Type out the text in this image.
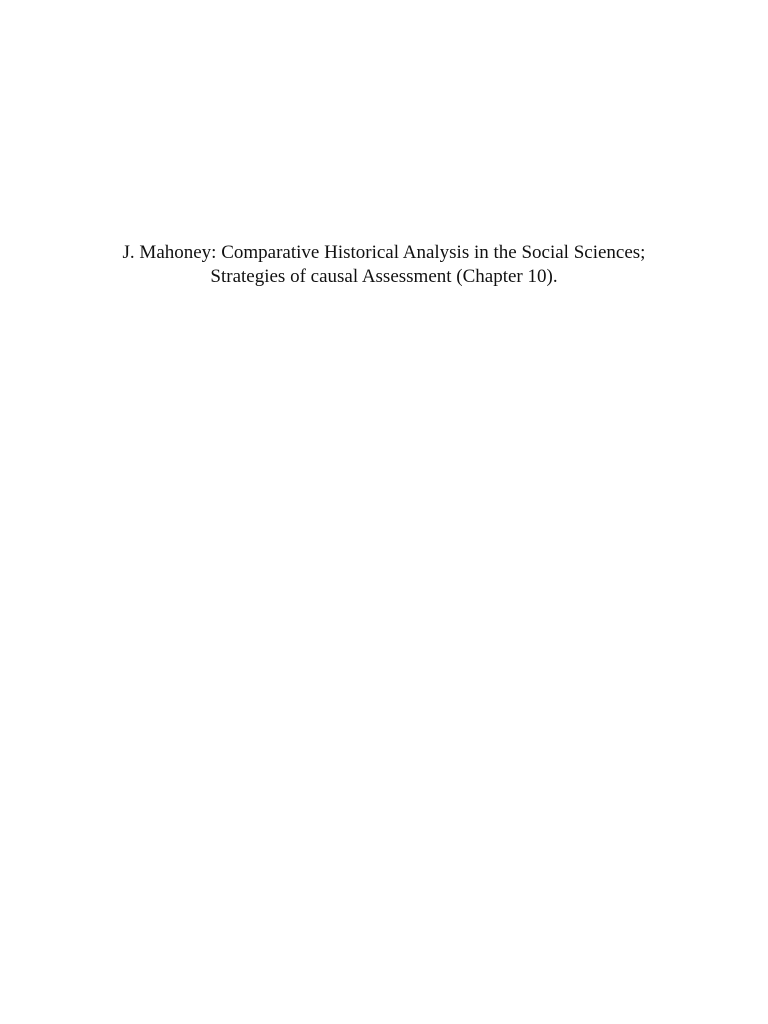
J. Mahoney: Comparative Historical Analysis in the Social Sciences;
Strategies of causal Assessment (Chapter 10).
